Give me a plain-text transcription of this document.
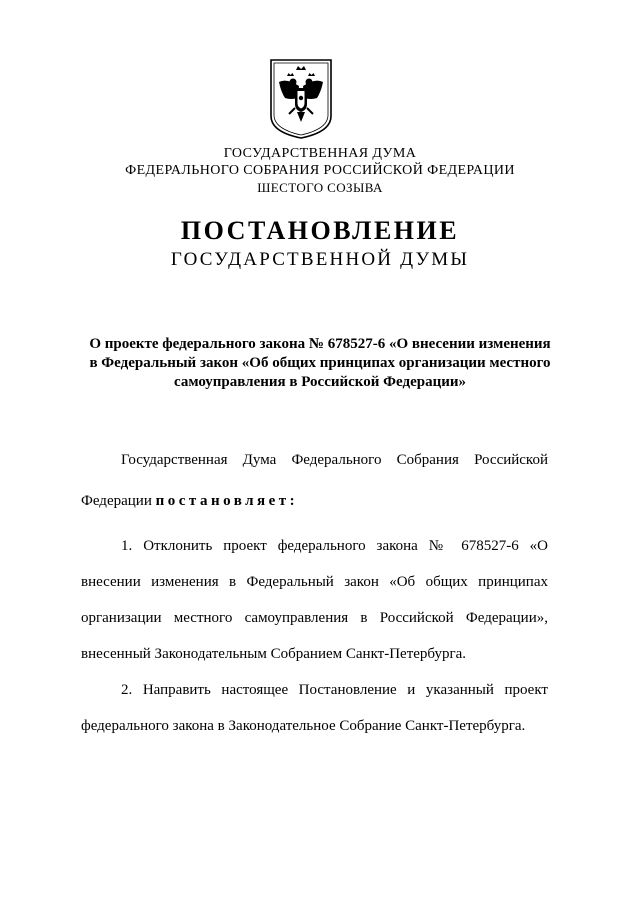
ГОСУДАРСТВЕННАЯ ДУМА
ФЕДЕРАЛЬНОГО СОБРАНИЯ РОССИЙСКОЙ ФЕДЕРАЦИИ
ШЕСТОГО СОЗЫВА
ПОСТАНОВЛЕНИЕ
ГОСУДАРСТВЕННОЙ ДУМЫ
О проекте федерального закона № 678527-6 «О внесении изменения
в Федеральный закон «Об общих принципах организации местного
самоуправления в Российской Федерации»
Государственная Дума Федерального Собрания Российской
Федерации постановляет:
1. Отклонить проект федерального закона № 678527-6 «О
внесении изменения в Федеральный закон «Об общих принципах
организации местного самоуправления в Российской Федерации»,
внесенный Законодательным Собранием Санкт-Петербурга.
2. Направить настоящее Постановление и указанный проект
федерального закона в Законодательное Собрание Санкт-Петербурга.
